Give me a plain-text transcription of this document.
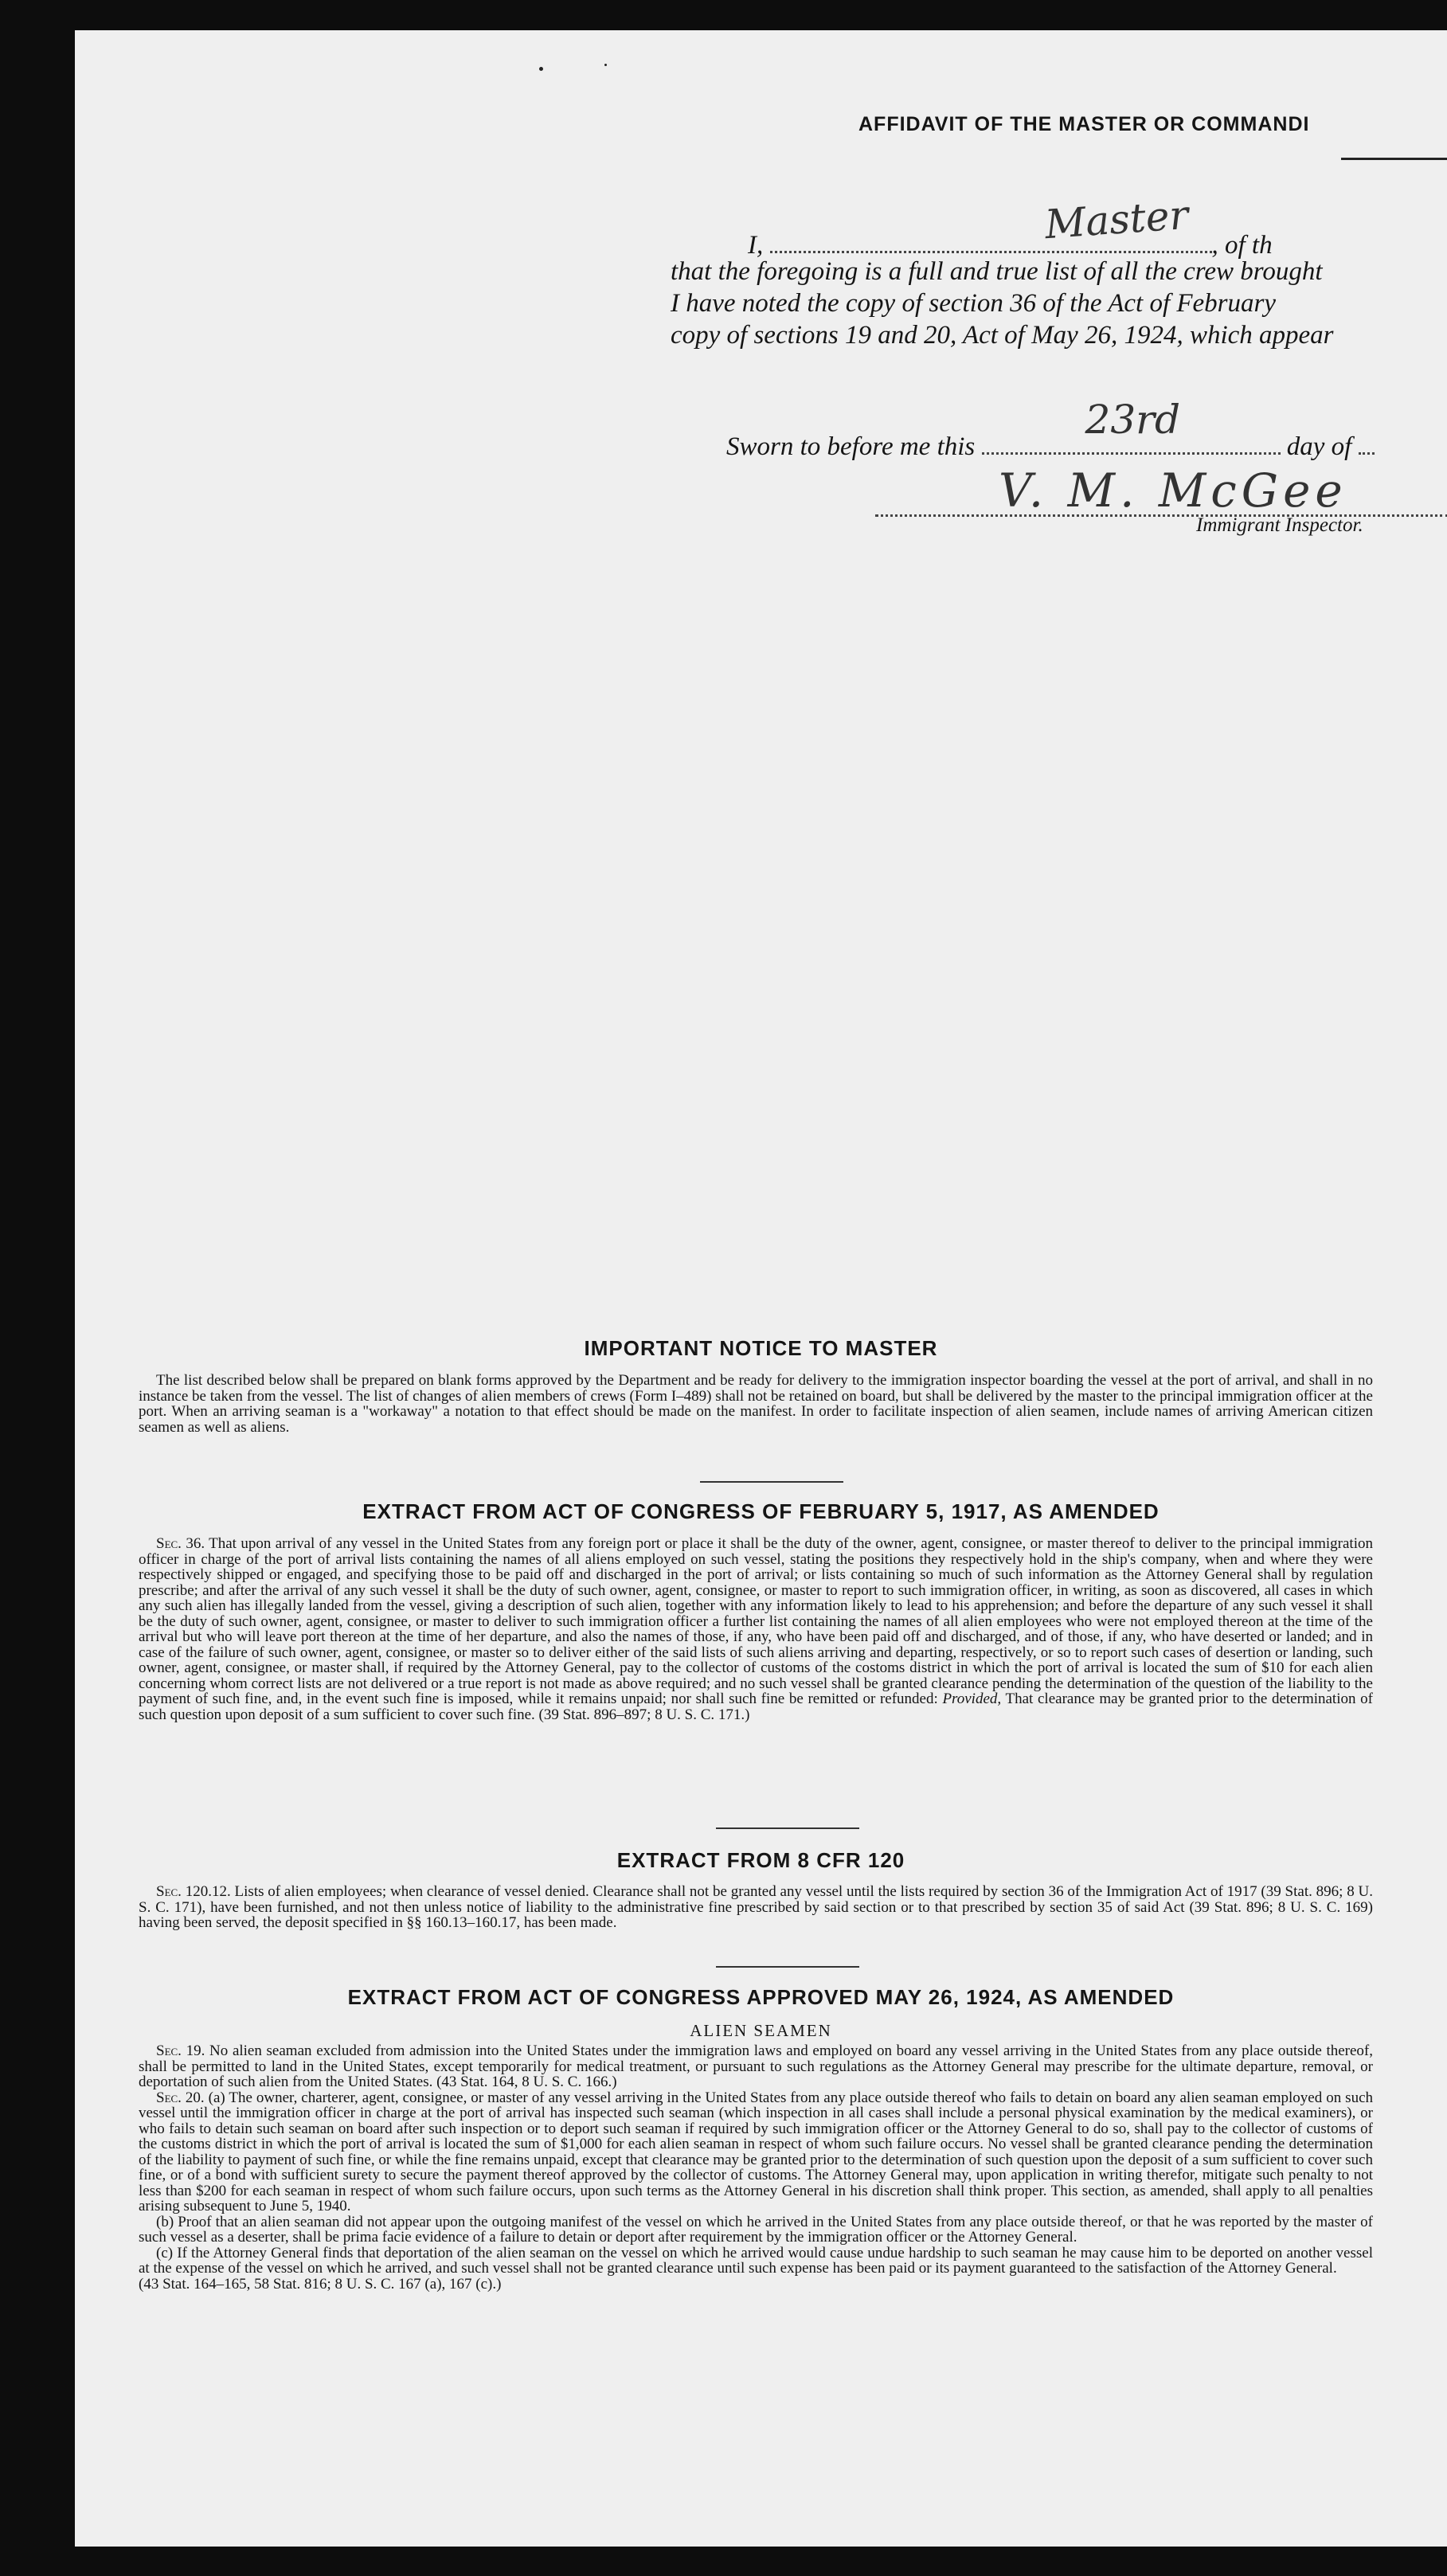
AFFIDAVIT OF THE MASTER OR COMMANDI
I,	Master , of th
that the foregoing is a full and true list of all the crew brought
I have noted the copy of section 36 of the Act of February
copy of sections 19 and 20, Act of May 26, 1924, which appear
Sworn to before me this
23rd
day of
V. M. McGee
Immigrant Inspector.
IMPORTANT NOTICE TO MASTER

The list described below shall be prepared on blank forms approved by the Department and be ready for delivery to the immigration inspector boarding the vessel at the port of arrival, and shall in no instance be taken from the vessel. The list of changes of alien members of crews (Form I–489) shall not be retained on board, but shall be delivered by the master to the principal immigration officer at the port. When an arriving seaman is a "workaway" a notation to that effect should be made on the manifest. In order to facilitate inspection of alien seamen, include names of arriving American citizen seamen as well as aliens.

EXTRACT FROM ACT OF CONGRESS OF FEBRUARY 5, 1917, AS AMENDED

Sec. 36. That upon arrival of any vessel in the United States from any foreign port or place it shall be the duty of the owner, agent, consignee, or master thereof to deliver to the principal immigration officer in charge of the port of arrival lists containing the names of all aliens employed on such vessel, stating the positions they respectively hold in the ship's company, when and where they were respectively shipped or engaged, and specifying those to be paid off and discharged in the port of arrival; or lists containing so much of such information as the Attorney General shall by regulation prescribe; and after the arrival of any such vessel it shall be the duty of such owner, agent, consignee, or master to report to such immigration officer, in writing, as soon as discovered, all cases in which any such alien has illegally landed from the vessel, giving a description of such alien, together with any information likely to lead to his apprehension; and before the departure of any such vessel it shall be the duty of such owner, agent, consignee, or master to deliver to such immigration officer a further list containing the names of all alien employees who were not employed thereon at the time of the arrival but who will leave port thereon at the time of her departure, and also the names of those, if any, who have been paid off and discharged, and of those, if any, who have deserted or landed; and in case of the failure of such owner, agent, consignee, or master so to deliver either of the said lists of such aliens arriving and departing, respectively, or so to report such cases of desertion or landing, such owner, agent, consignee, or master shall, if required by the Attorney General, pay to the collector of customs of the costoms district in which the port of arrival is located the sum of $10 for each alien concerning whom correct lists are not delivered or a true report is not made as above required; and no such vessel shall be granted clearance pending the determination of the question of the liability to the payment of such fine, and, in the event such fine is imposed, while it remains unpaid; nor shall such fine be remitted or refunded: Provided, That clearance may be granted prior to the determination of such question upon deposit of a sum sufficient to cover such fine. (39 Stat. 896–897; 8 U. S. C. 171.)

EXTRACT FROM 8 CFR 120

Sec. 120.12. Lists of alien employees; when clearance of vessel denied. Clearance shall not be granted any vessel until the lists required by section 36 of the Immigration Act of 1917 (39 Stat. 896; 8 U. S. C. 171), have been furnished, and not then unless notice of liability to the administrative fine prescribed by said section or to that prescribed by section 35 of said Act (39 Stat. 896; 8 U. S. C. 169) having been served, the deposit specified in §§ 160.13–160.17, has been made.

EXTRACT FROM ACT OF CONGRESS APPROVED MAY 26, 1924, AS AMENDED
ALIEN SEAMEN

Sec. 19. No alien seaman excluded from admission into the United States under the immigration laws and employed on board any vessel arriving in the United States from any place outside thereof, shall be permitted to land in the United States, except temporarily for medical treatment, or pursuant to such regulations as the Attorney General may prescribe for the ultimate departure, removal, or deportation of such alien from the United States. (43 Stat. 164, 8 U. S. C. 166.)

Sec. 20. (a) The owner, charterer, agent, consignee, or master of any vessel arriving in the United States from any place outside thereof who fails to detain on board any alien seaman employed on such vessel until the immigration officer in charge at the port of arrival has inspected such seaman (which inspection in all cases shall include a personal physical examination by the medical examiners), or who fails to detain such seaman on board after such inspection or to deport such seaman if required by such immigration officer or the Attorney General to do so, shall pay to the collector of customs of the customs district in which the port of arrival is located the sum of $1,000 for each alien seaman in respect of whom such failure occurs. No vessel shall be granted clearance pending the determination of the liability to payment of such fine, or while the fine remains unpaid, except that clearance may be granted prior to the determination of such question upon the deposit of a sum sufficient to cover such fine, or of a bond with sufficient surety to secure the payment thereof approved by the collector of customs. The Attorney General may, upon application in writing therefor, mitigate such penalty to not less than $200 for each seaman in respect of whom such failure occurs, upon such terms as the Attorney General in his discretion shall think proper. This section, as amended, shall apply to all penalties arising subsequent to June 5, 1940.

(b) Proof that an alien seaman did not appear upon the outgoing manifest of the vessel on which he arrived in the United States from any place outside thereof, or that he was reported by the master of such vessel as a deserter, shall be prima facie evidence of a failure to detain or deport after requirement by the immigration officer or the Attorney General.

(c) If the Attorney General finds that deportation of the alien seaman on the vessel on which he arrived would cause undue hardship to such seaman he may cause him to be deported on another vessel at the expense of the vessel on which he arrived, and such vessel shall not be granted clearance until such expense has been paid or its payment guaranteed to the satisfaction of the Attorney General.

(43 Stat. 164–165, 58 Stat. 816; 8 U. S. C. 167 (a), 167 (c).)
